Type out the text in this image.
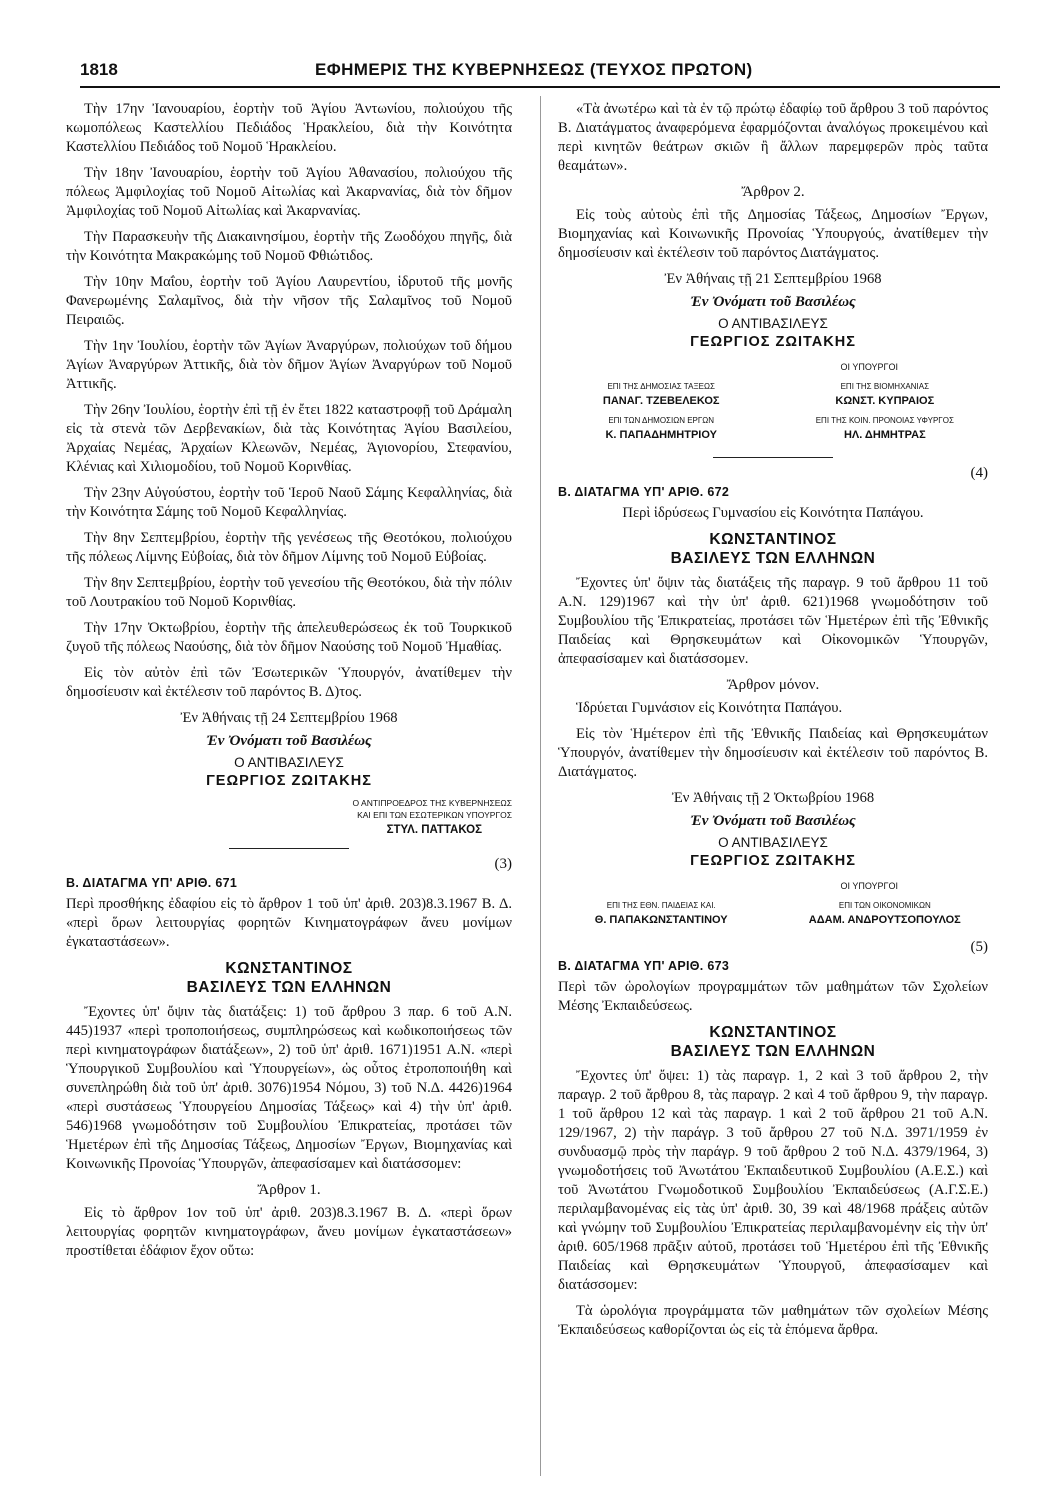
1818	ΕΦΗΜΕΡΙΣ ΤΗΣ ΚΥΒΕΡΝΗΣΕΩΣ (ΤΕΥΧΟΣ ΠΡΩΤΟΝ)

Τὴν 17ην Ἰανουαρίου, ἑορτὴν τοῦ Ἁγίου Ἀντωνίου, πολιούχου τῆς κωμοπόλεως Καστελλίου Πεδιάδος Ἡρακλείου, διὰ τὴν Κοινότητα Καστελλίου Πεδιάδος τοῦ Νομοῦ Ἡρακλείου.

Τὴν 18ην Ἰανουαρίου, ἑορτὴν τοῦ Ἁγίου Ἀθανασίου, πολιούχου τῆς πόλεως Ἀμφιλοχίας τοῦ Νομοῦ Αἰτωλίας καὶ Ἀκαρνανίας, διὰ τὸν δῆμον Ἀμφιλοχίας τοῦ Νομοῦ Αἰτωλίας καὶ Ἀκαρνανίας.

Τὴν Παρασκευὴν τῆς Διακαινησίμου, ἑορτὴν τῆς Ζωοδόχου πηγῆς, διὰ τὴν Κοινότητα Μακρακώμης τοῦ Νομοῦ Φθιώτιδος.

Τὴν 10ην Μαΐου, ἑορτὴν τοῦ Ἁγίου Λαυρεντίου, ἱδρυτοῦ τῆς μονῆς Φανερωμένης Σαλαμῖνος, διὰ τὴν νῆσον τῆς Σαλαμῖνος τοῦ Νομοῦ Πειραιῶς.

Τὴν 1ην Ἰουλίου, ἑορτὴν τῶν Ἁγίων Ἀναργύρων, πολιούχων τοῦ δήμου Ἁγίων Ἀναργύρων Ἀττικῆς, διὰ τὸν δῆμον Ἁγίων Ἀναργύρων τοῦ Νομοῦ Ἀττικῆς.

Τὴν 26ην Ἰουλίου, ἑορτὴν ἐπὶ τῇ ἐν ἔτει 1822 καταστροφῇ τοῦ Δράμαλη εἰς τὰ στενὰ τῶν Δερβενακίων, διὰ τὰς Κοινότητας Ἁγίου Βασιλείου, Ἀρχαίας Νεμέας, Ἀρχαίων Κλεωνῶν, Νεμέας, Ἁγιονορίου, Στεφανίου, Κλένιας καὶ Χιλιομοδίου, τοῦ Νομοῦ Κορινθίας.

Τὴν 23ην Αὐγούστου, ἑορτὴν τοῦ Ἱεροῦ Ναοῦ Σάμης Κεφαλληνίας, διὰ τὴν Κοινότητα Σάμης τοῦ Νομοῦ Κεφαλληνίας.

Τὴν 8ην Σεπτεμβρίου, ἑορτὴν τῆς γενέσεως τῆς Θεοτόκου, πολιούχου τῆς πόλεως Λίμνης Εὐβοίας, διὰ τὸν δῆμον Λίμνης τοῦ Νομοῦ Εὐβοίας.

Τὴν 8ην Σεπτεμβρίου, ἑορτὴν τοῦ γενεσίου τῆς Θεοτόκου, διὰ τὴν πόλιν τοῦ Λουτρακίου τοῦ Νομοῦ Κορινθίας.

Τὴν 17ην Ὀκτωβρίου, ἑορτὴν τῆς ἀπελευθερώσεως ἐκ τοῦ Τουρκικοῦ ζυγοῦ τῆς πόλεως Ναούσης, διὰ τὸν δῆμον Ναούσης τοῦ Νομοῦ Ἠμαθίας.

Εἰς τὸν αὐτὸν ἐπὶ τῶν Ἐσωτερικῶν Ὑπουργόν, ἀνατίθεμεν τὴν δημοσίευσιν καὶ ἐκτέλεσιν τοῦ παρόντος Β. Δ)τος.

Ἐν Ἀθήναις τῇ 24 Σεπτεμβρίου 1968
Ἐν Ὀνόματι τοῦ Βασιλέως
Ο ΑΝΤΙΒΑΣΙΛΕΥΣ
ΓΕΩΡΓΙΟΣ ΖΩΙΤΑΚΗΣ
Ο ΑΝΤΙΠΡΟΕΔΡΟΣ ΤΗΣ ΚΥΒΕΡΝΗΣΕΩΣ
ΚΑΙ ΕΠΙ ΤΩΝ ΕΣΩΤΕΡΙΚΩΝ ΥΠΟΥΡΓΟΣ
ΣΤΥΛ. ΠΑΤΤΑΚΟΣ
(3)
Β. ΔΙΑΤΑΓΜΑ ΥΠ' ΑΡΙΘ. 671

Περὶ προσθήκης ἐδαφίου εἰς τὸ ἄρθρον 1 τοῦ ὑπ' ἀριθ. 203)8.3.1967 Β. Δ. «περὶ ὅρων λειτουργίας φορητῶν Κινηματογράφων ἄνευ μονίμων ἐγκαταστάσεων».

ΚΩΝΣΤΑΝΤΙΝΟΣ
ΒΑΣΙΛΕΥΣ ΤΩΝ ΕΛΛΗΝΩΝ

Ἔχοντες ὑπ' ὄψιν τὰς διατάξεις: 1) τοῦ ἄρθρου 3 παρ. 6 τοῦ Α.Ν. 445)1937 «περὶ τροποποιήσεως, συμπληρώσεως καὶ κωδικοποιήσεως τῶν περὶ κινηματογράφων διατάξεων», 2) τοῦ ὑπ' ἀριθ. 1671)1951 Α.Ν. «περὶ Ὑπουργικοῦ Συμβουλίου καὶ Ὑπουργείων», ὡς οὗτος ἐτροποποιήθη καὶ συνεπληρώθη διὰ τοῦ ὑπ' ἀριθ. 3076)1954 Νόμου, 3) τοῦ Ν.Δ. 4426)1964 «περὶ συστάσεως Ὑπουργείου Δημοσίας Τάξεως» καὶ 4) τὴν ὑπ' ἀριθ. 546)1968 γνωμοδότησιν τοῦ Συμβουλίου Ἐπικρατείας, προτάσει τῶν Ἡμετέρων ἐπὶ τῆς Δημοσίας Τάξεως, Δημοσίων Ἔργων, Βιομηχανίας καὶ Κοινωνικῆς Προνοίας Ὑπουργῶν, ἀπεφασίσαμεν καὶ διατάσσομεν:

Ἄρθρον 1.

Εἰς τὸ ἄρθρον 1ον τοῦ ὑπ' ἀριθ. 203)8.3.1967 Β. Δ. «περὶ ὅρων λειτουργίας φορητῶν κινηματογράφων, ἄνευ μονίμων ἐγκαταστάσεων» προστίθεται ἐδάφιον ἔχον οὕτω:

«Τὰ ἀνωτέρω καὶ τὰ ἐν τῷ πρώτῳ ἐδαφίῳ τοῦ ἄρθρου 3 τοῦ παρόντος Β. Διατάγματος ἀναφερόμενα ἐφαρμόζονται ἀναλόγως προκειμένου καὶ περὶ κινητῶν θεάτρων σκιῶν ἢ ἄλλων παρεμφερῶν πρὸς ταῦτα θεαμάτων».

Ἄρθρον 2.

Εἰς τοὺς αὐτοὺς ἐπὶ τῆς Δημοσίας Τάξεως, Δημοσίων Ἔργων, Βιομηχανίας καὶ Κοινωνικῆς Προνοίας Ὑπουργούς, ἀνατίθεμεν τὴν δημοσίευσιν καὶ ἐκτέλεσιν τοῦ παρόντος Διατάγματος.

Ἐν Ἀθήναις τῇ 21 Σεπτεμβρίου 1968
Ἐν Ὀνόματι τοῦ Βασιλέως
Ο ΑΝΤΙΒΑΣΙΛΕΥΣ
ΓΕΩΡΓΙΟΣ ΖΩΙΤΑΚΗΣ
ΟΙ ΥΠΟΥΡΓΟΙ
ΕΠΙ ΤΗΣ ΔΗΜΟΣΙΑΣ ΤΑΞΕΩΣ
ΠΑΝΑΓ. ΤΖΕΒΕΛΕΚΟΣ
ΕΠΙ ΤΩΝ ΔΗΜΟΣΙΩΝ ΕΡΓΩΝ
Κ. ΠΑΠΑΔΗΜΗΤΡΙΟΥ
ΕΠΙ ΤΗΣ ΒΙΟΜΗΧΑΝΙΑΣ
ΚΩΝΣΤ. ΚΥΠΡΑΙΟΣ
ΕΠΙ ΤΗΣ ΚΟΙΝ. ΠΡΟΝΟΙΑΣ ΥΦΥΡΓΟΣ
ΗΛ. ΔΗΜΗΤΡΑΣ
(4)
Β. ΔΙΑΤΑΓΜΑ ΥΠ' ΑΡΙΘ. 672

Περὶ ἱδρύσεως Γυμνασίου εἰς Κοινότητα Παπάγου.

ΚΩΝΣΤΑΝΤΙΝΟΣ
ΒΑΣΙΛΕΥΣ ΤΩΝ ΕΛΛΗΝΩΝ

Ἔχοντες ὑπ' ὄψιν τὰς διατάξεις τῆς παραγρ. 9 τοῦ ἄρθρου 11 τοῦ Α.Ν. 129)1967 καὶ τὴν ὑπ' ἀριθ. 621)1968 γνωμοδότησιν τοῦ Συμβουλίου τῆς Ἐπικρατείας, προτάσει τῶν Ἡμετέρων ἐπὶ τῆς Ἐθνικῆς Παιδείας καὶ Θρησκευμάτων καὶ Οἰκονομικῶν Ὑπουργῶν, ἀπεφασίσαμεν καὶ διατάσσομεν.

Ἄρθρον μόνον.

Ἱδρύεται Γυμνάσιον εἰς Κοινότητα Παπάγου.

Εἰς τὸν Ἡμέτερον ἐπὶ τῆς Ἐθνικῆς Παιδείας καὶ Θρησκευμάτων Ὑπουργόν, ἀνατίθεμεν τὴν δημοσίευσιν καὶ ἐκτέλεσιν τοῦ παρόντος Β. Διατάγματος.

Ἐν Ἀθήναις τῇ 2 Ὀκτωβρίου 1968
Ἐν Ὀνόματι τοῦ Βασιλέως
Ο ΑΝΤΙΒΑΣΙΛΕΥΣ
ΓΕΩΡΓΙΟΣ ΖΩΙΤΑΚΗΣ
ΟΙ ΥΠΟΥΡΓΟΙ
ΕΠΙ ΤΗΣ ΕΘΝ. ΠΑΙΔΕΙΑΣ ΚΑΙ.
Θ. ΠΑΠΑΚΩΝΣΤΑΝΤΙΝΟΥ
ΕΠΙ ΤΩΝ ΟΙΚΟΝΟΜΙΚΩΝ
ΑΔΑΜ. ΑΝΔΡΟΥΤΣΟΠΟΥΛΟΣ
(5)
Β. ΔΙΑΤΑΓΜΑ ΥΠ' ΑΡΙΘ. 673

Περὶ τῶν ὡρολογίων προγραμμάτων τῶν μαθημάτων τῶν Σχολείων Μέσης Ἐκπαιδεύσεως.

ΚΩΝΣΤΑΝΤΙΝΟΣ
ΒΑΣΙΛΕΥΣ ΤΩΝ ΕΛΛΗΝΩΝ

Ἔχοντες ὑπ' ὄψει: 1) τὰς παραγρ. 1, 2 καὶ 3 τοῦ ἄρθρου 2, τὴν παραγρ. 2 τοῦ ἄρθρου 8, τὰς παραγρ. 2 καὶ 4 τοῦ ἄρθρου 9, τὴν παραγρ. 1 τοῦ ἄρθρου 12 καὶ τὰς παραγρ. 1 καὶ 2 τοῦ ἄρθρου 21 τοῦ Α.Ν. 129/1967, 2) τὴν παράγρ. 3 τοῦ ἄρθρου 27 τοῦ Ν.Δ. 3971/1959 ἐν συνδυασμῷ πρὸς τὴν παράγρ. 9 τοῦ ἄρθρου 2 τοῦ Ν.Δ. 4379/1964, 3) γνωμοδοτήσεις τοῦ Ἀνωτάτου Ἐκπαιδευτικοῦ Συμβουλίου (Α.Ε.Σ.) καὶ τοῦ Ἀνωτάτου Γνωμοδοτικοῦ Συμβουλίου Ἐκπαιδεύσεως (Α.Γ.Σ.Ε.) περιλαμβανομένας εἰς τὰς ὑπ' ἀριθ. 30, 39 καὶ 48/1968 πράξεις αὐτῶν καὶ γνώμην τοῦ Συμβουλίου Ἐπικρατείας περιλαμβανομένην εἰς τὴν ὑπ' ἀριθ. 605/1968 πρᾶξιν αὐτοῦ, προτάσει τοῦ Ἡμετέρου ἐπὶ τῆς Ἐθνικῆς Παιδείας καὶ Θρησκευμάτων Ὑπουργοῦ, ἀπεφασίσαμεν καὶ διατάσσομεν:

Τὰ ὡρολόγια προγράμματα τῶν μαθημάτων τῶν σχολείων Μέσης Ἐκπαιδεύσεως καθορίζονται ὡς εἰς τὰ ἑπόμενα ἄρθρα.
